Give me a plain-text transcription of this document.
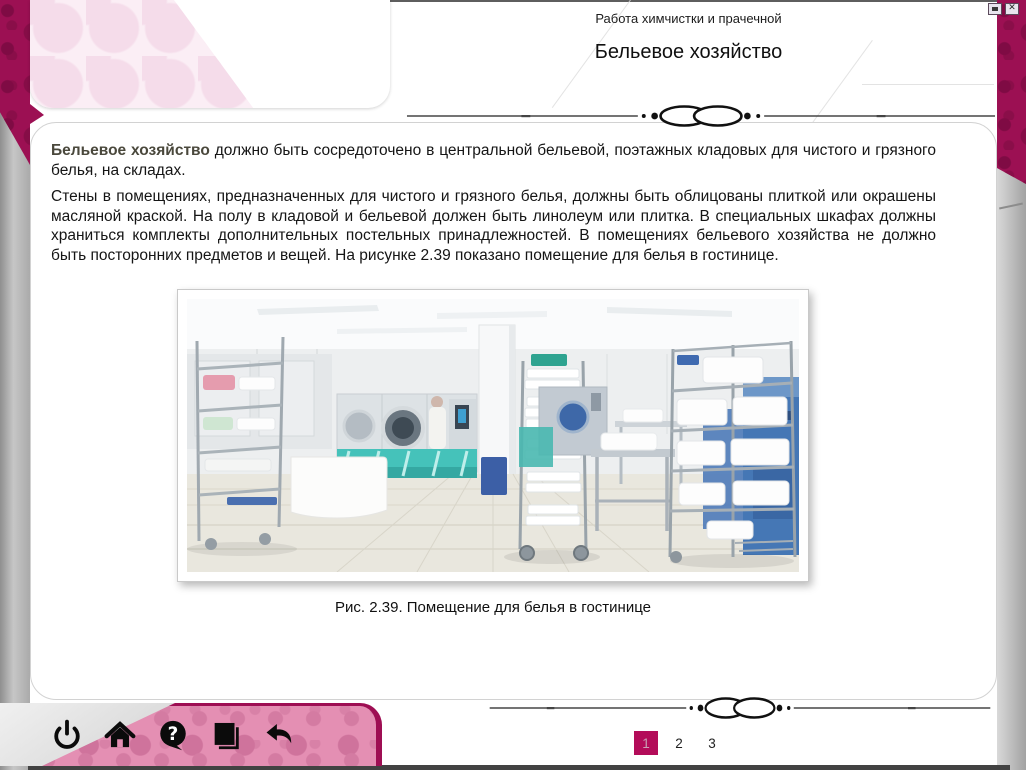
✕
Работа химчистки и прачечной
Бельевое хозяйство

Бельевое хозяйство должно быть сосредоточено в центральной бельевой, поэтажных кладовых для чистого и грязного белья, на складах.

Стены в помещениях, предназначенных для чистого и грязного белья, должны быть облицованы плиткой или окрашены масляной краской. На полу в кладовой и бельевой должен быть линолеум или плитка. В специальных шкафах должны храниться комплекты дополнительных постельных принадлежностей. В помещениях бельевого хозяйства не должно быть посторонних предметов и вещей. На рисунке 2.39 показано помещение для белья в гостинице.

Рис. 2.39. Помещение для белья в гостинице
?	1	2	3
